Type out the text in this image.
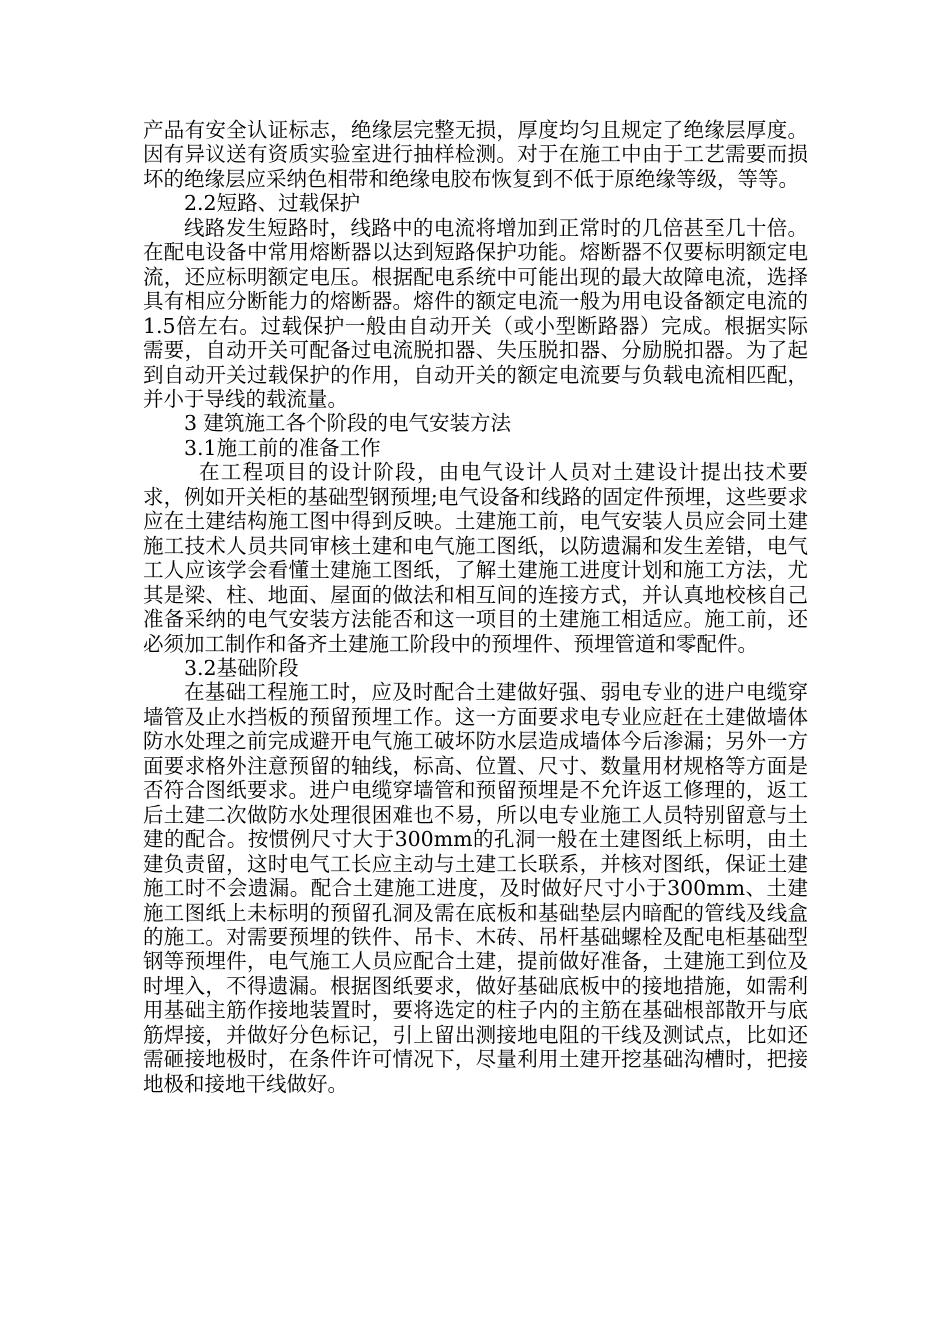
产品有安全认证标志，绝缘层完整无损，厚度均匀且规定了绝缘层厚度。因有异议送有资质实验室进行抽样检测。对于在施工中由于工艺需要而损坏的绝缘层应采纳色相带和绝缘电胶布恢复到不低于原绝缘等级，等等。

2.2短路、过载保护

线路发生短路时，线路中的电流将增加到正常时的几倍甚至几十倍。在配电设备中常用熔断器以达到短路保护功能。熔断器不仅要标明额定电流，还应标明额定电压。根据配电系统中可能出现的最大故障电流，选择具有相应分断能力的熔断器。熔件的额定电流一般为用电设备额定电流的1.5倍左右。过载保护一般由自动开关（或小型断路器）完成。根据实际需要，自动开关可配备过电流脱扣器、失压脱扣器、分励脱扣器。为了起到自动开关过载保护的作用，自动开关的额定电流要与负载电流相匹配，并小于导线的载流量。

3 建筑施工各个阶段的电气安装方法

3.1施工前的准备工作

在工程项目的设计阶段，由电气设计人员对土建设计提出技术要求，例如开关柜的基础型钢预埋;电气设备和线路的固定件预埋，这些要求应在土建结构施工图中得到反映。土建施工前，电气安装人员应会同土建施工技术人员共同审核土建和电气施工图纸，以防遗漏和发生差错，电气工人应该学会看懂土建施工图纸，了解土建施工进度计划和施工方法，尤其是梁、柱、地面、屋面的做法和相互间的连接方式，并认真地校核自己准备采纳的电气安装方法能否和这一项目的土建施工相适应。施工前，还必须加工制作和备齐土建施工阶段中的预埋件、预埋管道和零配件。

3.2基础阶段

在基础工程施工时，应及时配合土建做好强、弱电专业的进户电缆穿墙管及止水挡板的预留预埋工作。这一方面要求电专业应赶在土建做墙体防水处理之前完成避开电气施工破坏防水层造成墙体今后渗漏；另外一方面要求格外注意预留的轴线，标高、位置、尺寸、数量用材规格等方面是否符合图纸要求。进户电缆穿墙管和预留预埋是不允许返工修理的，返工后土建二次做防水处理很困难也不易，所以电专业施工人员特别留意与土建的配合。按惯例尺寸大于300mm的孔洞一般在土建图纸上标明，由土建负责留，这时电气工长应主动与土建工长联系，并核对图纸，保证土建施工时不会遗漏。配合土建施工进度，及时做好尺寸小于300mm、土建施工图纸上未标明的预留孔洞及需在底板和基础垫层内暗配的管线及线盒的施工。对需要预埋的铁件、吊卡、木砖、吊杆基础螺栓及配电柜基础型钢等预埋件，电气施工人员应配合土建，提前做好准备，土建施工到位及时埋入，不得遗漏。根据图纸要求，做好基础底板中的接地措施，如需利用基础主筋作接地装置时，要将选定的柱子内的主筋在基础根部散开与底筋焊接，并做好分色标记，引上留出测接地电阻的干线及测试点，比如还需砸接地极时，在条件许可情况下，尽量利用土建开挖基础沟槽时，把接地极和接地干线做好。
